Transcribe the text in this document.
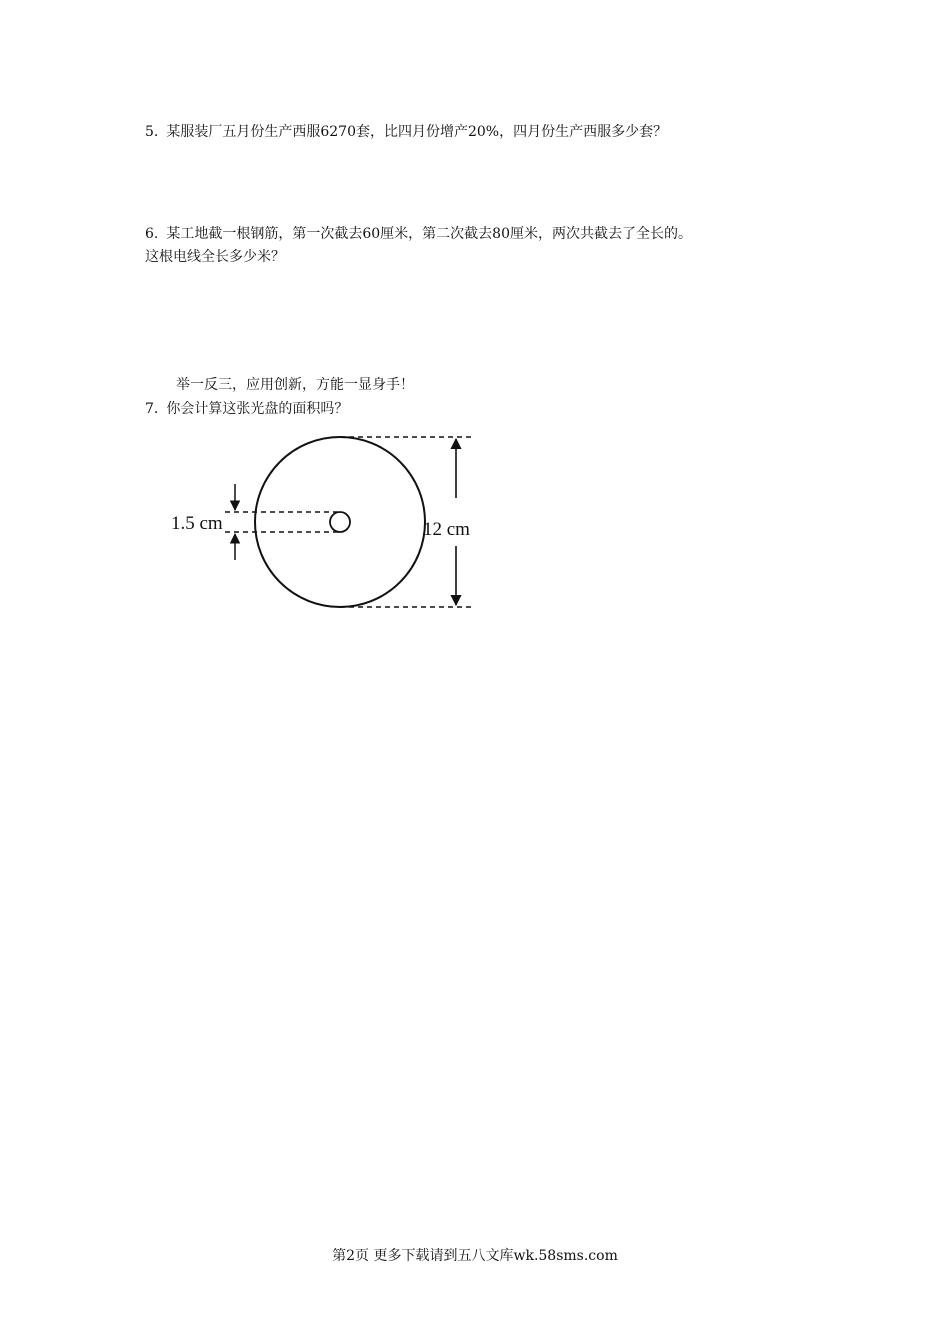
5. 某服装厂五月份生产西服6270套，比四月份增产20%，四月份生产西服多少套？
6. 某工地截一根钢筋，第一次截去60厘米，第二次截去80厘米，两次共截去了全长的。
这根电线全长多少米？
举一反三，应用创新，方能一显身手！
7. 你会计算这张光盘的面积吗？
12 cm
1.5 cm
第2页 更多下载请到五八文库wk.58sms.com
